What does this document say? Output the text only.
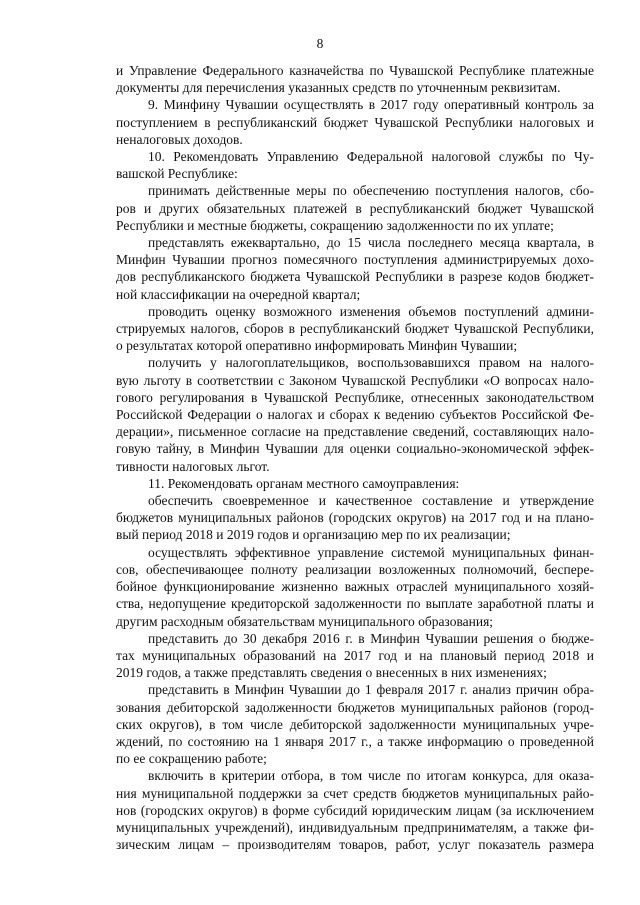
8
и Управление Федерального казначейства по Чувашской Республике платежные
документы для перечисления указанных средств по уточненным реквизитам.
9. Минфину Чувашии осуществлять в 2017 году оперативный контроль за
поступлением в республиканский бюджет Чувашской Республики налоговых и
неналоговых доходов.
10. Рекомендовать Управлению Федеральной налоговой службы по Чу-
вашской Республике:
принимать действенные меры по обеспечению поступления налогов, сбо-
ров и других обязательных платежей в республиканский бюджет Чувашской
Республики и местные бюджеты, сокращению задолженности по их уплате;
представлять ежеквартально, до 15 числа последнего месяца квартала, в
Минфин Чувашии прогноз помесячного поступления администрируемых дохо-
дов республиканского бюджета Чувашской Республики в разрезе кодов бюджет-
ной классификации на очередной квартал;
проводить оценку возможного изменения объемов поступлений админи-
стрируемых налогов, сборов в республиканский бюджет Чувашской Республики,
о результатах которой оперативно информировать Минфин Чувашии;
получить у налогоплательщиков, воспользовавшихся правом на налого-
вую льготу в соответствии с Законом Чувашской Республики «О вопросах нало-
гового регулирования в Чувашской Республике, отнесенных законодательством
Российской Федерации о налогах и сборах к ведению субъектов Российской Фе-
дерации», письменное согласие на представление сведений, составляющих нало-
говую тайну, в Минфин Чувашии для оценки социально-экономической эффек-
тивности налоговых льгот.
11. Рекомендовать органам местного самоуправления:
обеспечить своевременное и качественное составление и утверждение
бюджетов муниципальных районов (городских округов) на 2017 год и на плано-
вый период 2018 и 2019 годов и организацию мер по их реализации;
осуществлять эффективное управление системой муниципальных финан-
сов, обеспечивающее полноту реализации возложенных полномочий, беспере-
бойное функционирование жизненно важных отраслей муниципального хозяй-
ства, недопущение кредиторской задолженности по выплате заработной платы и
другим расходным обязательствам муниципального образования;
представить до 30 декабря 2016 г. в Минфин Чувашии решения о бюдже-
тах муниципальных образований на 2017 год и на плановый период 2018 и
2019 годов, а также представлять сведения о внесенных в них изменениях;
представить в Минфин Чувашии до 1 февраля 2017 г. анализ причин обра-
зования дебиторской задолженности бюджетов муниципальных районов (город-
ских округов), в том числе дебиторской задолженности муниципальных учре-
ждений, по состоянию на 1 января 2017 г., а также информацию о проведенной
по ее сокращению работе;
включить в критерии отбора, в том числе по итогам конкурса, для оказа-
ния муниципальной поддержки за счет средств бюджетов муниципальных райо-
нов (городских округов) в форме субсидий юридическим лицам (за исключением
муниципальных учреждений), индивидуальным предпринимателям, а также фи-
зическим лицам – производителям товаров, работ, услуг показатель размера
